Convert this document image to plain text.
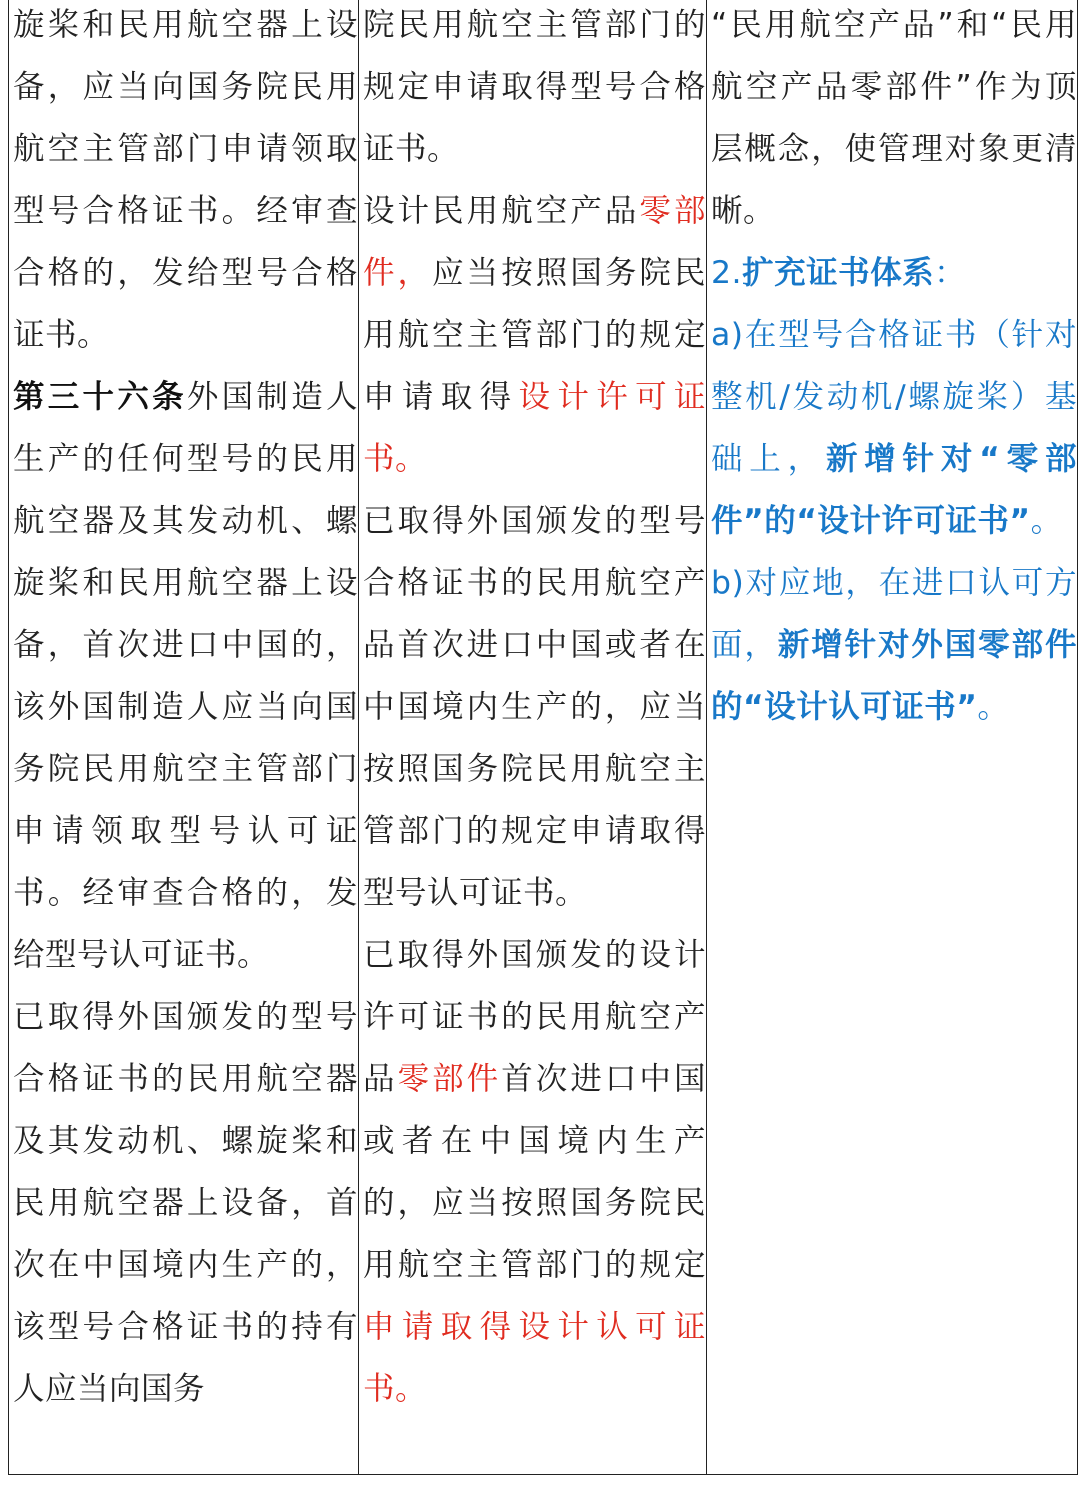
旋桨和民用航空器上设备，应当向国务院民用航空主管部门申请领取型号合格证书。经审查合格的，发给型号合格证书。

第三十六条外国制造人生产的任何型号的民用航空器及其发动机、螺旋桨和民用航空器上设备，首次进口中国的，该外国制造人应当向国务院民用航空主管部门申请领取型号认可证书。经审查合格的，发给型号认可证书。

已取得外国颁发的型号合格证书的民用航空器及其发动机、螺旋桨和民用航空器上设备，首次在中国境内生产的，该型号合格证书的持有人应当向国务

院民用航空主管部门的规定申请取得型号合格证书。

设计民用航空产品零部件，应当按照国务院民用航空主管部门的规定申请取得设计许可证书。

已取得外国颁发的型号合格证书的民用航空产品首次进口中国或者在中国境内生产的，应当按照国务院民用航空主管部门的规定申请取得型号认可证书。

已取得外国颁发的设计许可证书的民用航空产品零部件首次进口中国或者在中国境内生产的，应当按照国务院民用航空主管部门的规定申请取得设计认可证书。

“民用航空产品”和“民用航空产品零部件”作为顶层概念，使管理对象更清晰。

2.扩充证书体系：

a)在型号合格证书（针对整机/发动机/螺旋桨）基础上，新增针对“零部件”的“设计许可证书”。

b)对应地，在进口认可方面，新增针对外国零部件的“设计认可证书”。
